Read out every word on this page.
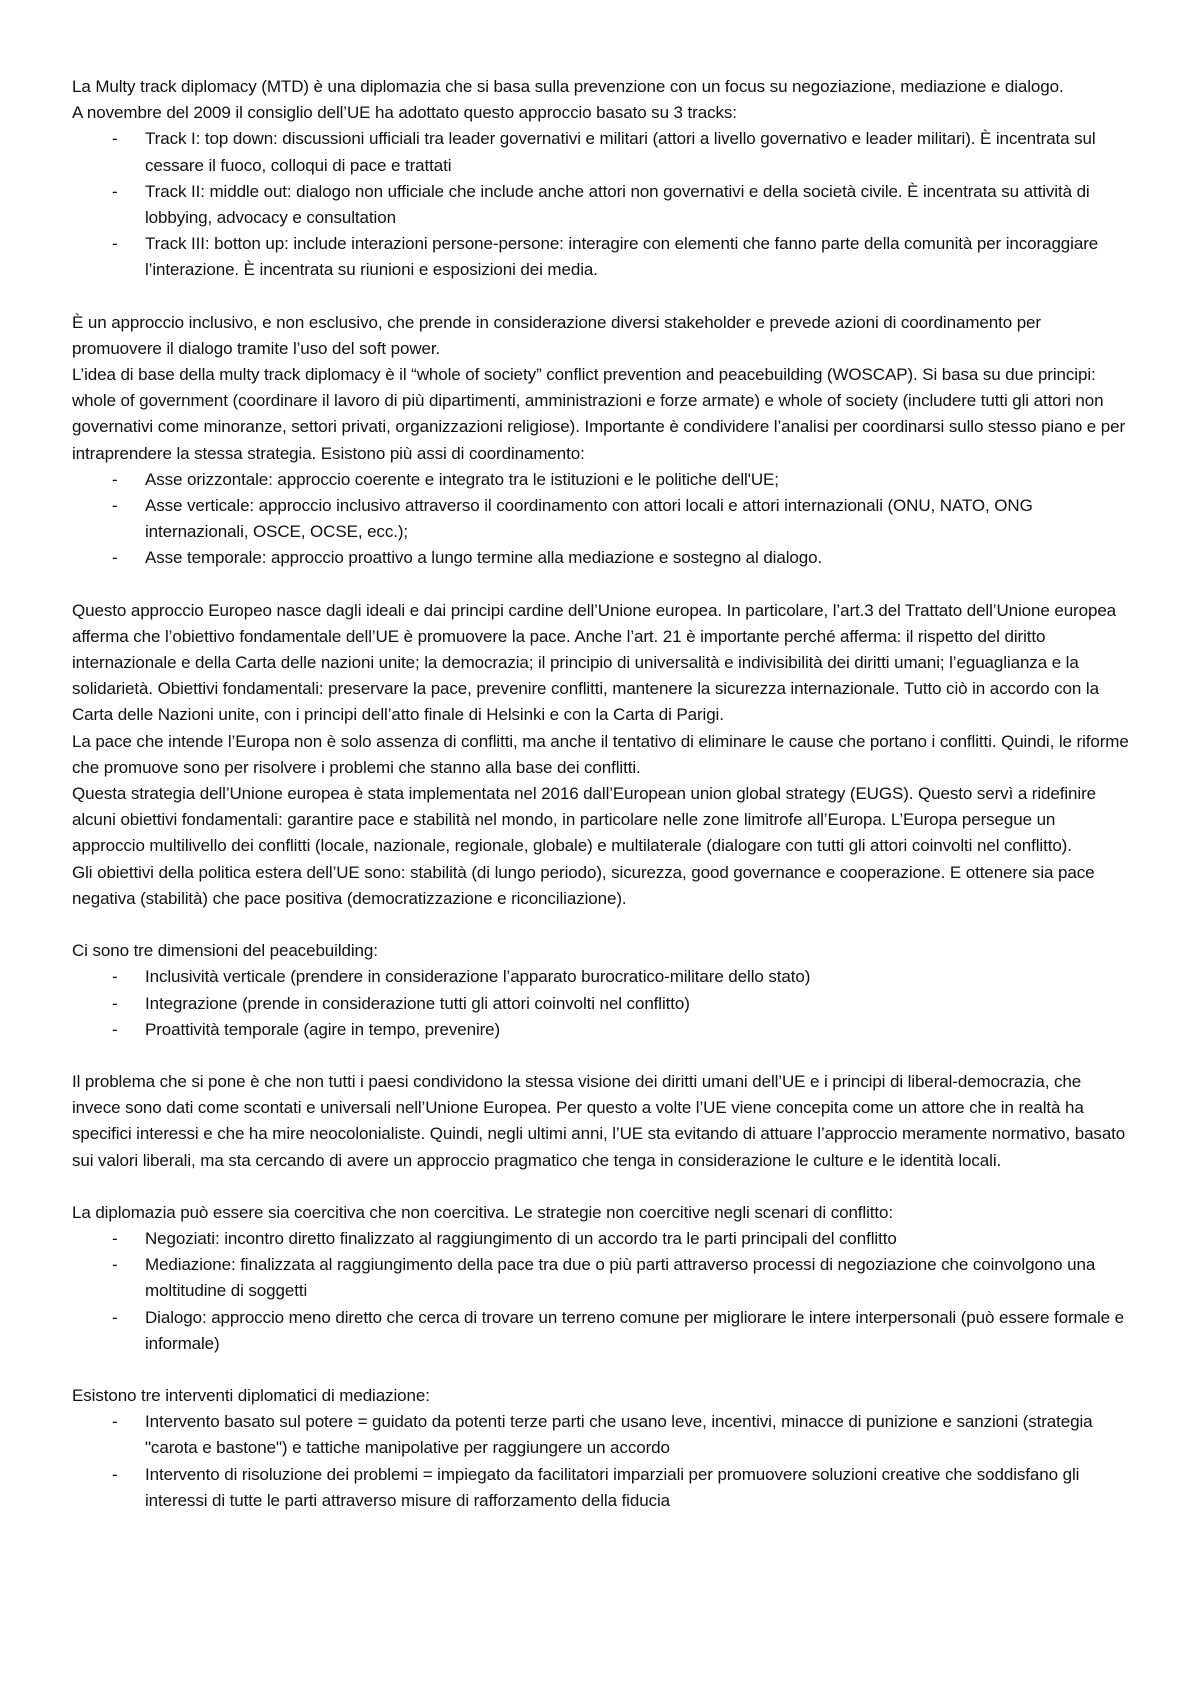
La Multy track diplomacy (MTD) è una diplomazia che si basa sulla prevenzione con un focus su negoziazione, mediazione e dialogo.

A novembre del 2009 il consiglio dell’UE ha adottato questo approccio basato su 3 tracks:

- Track I: top down: discussioni ufficiali tra leader governativi e militari (attori a livello governativo e leader militari). È incentrata sul cessare il fuoco, colloqui di pace e trattati
- Track II: middle out: dialogo non ufficiale che include anche attori non governativi e della società civile. È incentrata su attività di lobbying, advocacy e consultation
- Track III: botton up: include interazioni persone-persone: interagire con elementi che fanno parte della comunità per incoraggiare l’interazione. È incentrata su riunioni e esposizioni dei media.

È un approccio inclusivo, e non esclusivo, che prende in considerazione diversi stakeholder e prevede azioni di coordinamento per promuovere il dialogo tramite l’uso del soft power.

L’idea di base della multy track diplomacy è il “whole of society” conflict prevention and peacebuilding (WOSCAP). Si basa su due principi: whole of government (coordinare il lavoro di più dipartimenti, amministrazioni e forze armate) e whole of society (includere tutti gli attori non governativi come minoranze, settori privati, organizzazioni religiose). Importante è condividere l’analisi per coordinarsi sullo stesso piano e per intraprendere la stessa strategia. Esistono più assi di coordinamento:

- Asse orizzontale: approccio coerente e integrato tra le istituzioni e le politiche dell'UE;
- Asse verticale: approccio inclusivo attraverso il coordinamento con attori locali e attori internazionali (ONU, NATO, ONG internazionali, OSCE, OCSE, ecc.);
- Asse temporale: approccio proattivo a lungo termine alla mediazione e sostegno al dialogo.

Questo approccio Europeo nasce dagli ideali e dai principi cardine dell’Unione europea. In particolare, l’art.3 del Trattato dell’Unione europea afferma che l’obiettivo fondamentale dell’UE è promuovere la pace. Anche l’art. 21 è importante perché afferma: il rispetto del diritto internazionale e della Carta delle nazioni unite; la democrazia; il principio di universalità e indivisibilità dei diritti umani; l’eguaglianza e la solidarietà. Obiettivi fondamentali: preservare la pace, prevenire conflitti, mantenere la sicurezza internazionale. Tutto ciò in accordo con la Carta delle Nazioni unite, con i principi dell’atto finale di Helsinki e con la Carta di Parigi.

La pace che intende l’Europa non è solo assenza di conflitti, ma anche il tentativo di eliminare le cause che portano i conflitti. Quindi, le riforme che promuove sono per risolvere i problemi che stanno alla base dei conflitti.

Questa strategia dell’Unione europea è stata implementata nel 2016 dall’European union global strategy (EUGS). Questo servì a ridefinire alcuni obiettivi fondamentali: garantire pace e stabilità nel mondo, in particolare nelle zone limitrofe all’Europa. L’Europa persegue un approccio multilivello dei conflitti (locale, nazionale, regionale, globale) e multilaterale (dialogare con tutti gli attori coinvolti nel conflitto).

Gli obiettivi della politica estera dell’UE sono: stabilità (di lungo periodo), sicurezza, good governance e cooperazione. E ottenere sia pace negativa (stabilità) che pace positiva (democratizzazione e riconciliazione).

Ci sono tre dimensioni del peacebuilding:

- Inclusività verticale (prendere in considerazione l’apparato burocratico-militare dello stato)
- Integrazione (prende in considerazione tutti gli attori coinvolti nel conflitto)
- Proattività temporale (agire in tempo, prevenire)

Il problema che si pone è che non tutti i paesi condividono la stessa visione dei diritti umani dell’UE e i principi di liberal-democrazia, che invece sono dati come scontati e universali nell’Unione Europea. Per questo a volte l’UE viene concepita come un attore che in realtà ha specifici interessi e che ha mire neocolonialiste. Quindi, negli ultimi anni, l’UE sta evitando di attuare l’approccio meramente normativo, basato sui valori liberali, ma sta cercando di avere un approccio pragmatico che tenga in considerazione le culture e le identità locali.

La diplomazia può essere sia coercitiva che non coercitiva. Le strategie non coercitive negli scenari di conflitto:

- Negoziati: incontro diretto finalizzato al raggiungimento di un accordo tra le parti principali del conflitto
- Mediazione: finalizzata al raggiungimento della pace tra due o più parti attraverso processi di negoziazione che coinvolgono una moltitudine di soggetti
- Dialogo: approccio meno diretto che cerca di trovare un terreno comune per migliorare le intere interpersonali (può essere formale e informale)

Esistono tre interventi diplomatici di mediazione:

- Intervento basato sul potere = guidato da potenti terze parti che usano leve, incentivi, minacce di punizione e sanzioni (strategia "carota e bastone") e tattiche manipolative per raggiungere un accordo
- Intervento di risoluzione dei problemi = impiegato da facilitatori imparziali per promuovere soluzioni creative che soddisfano gli interessi di tutte le parti attraverso misure di rafforzamento della fiducia
